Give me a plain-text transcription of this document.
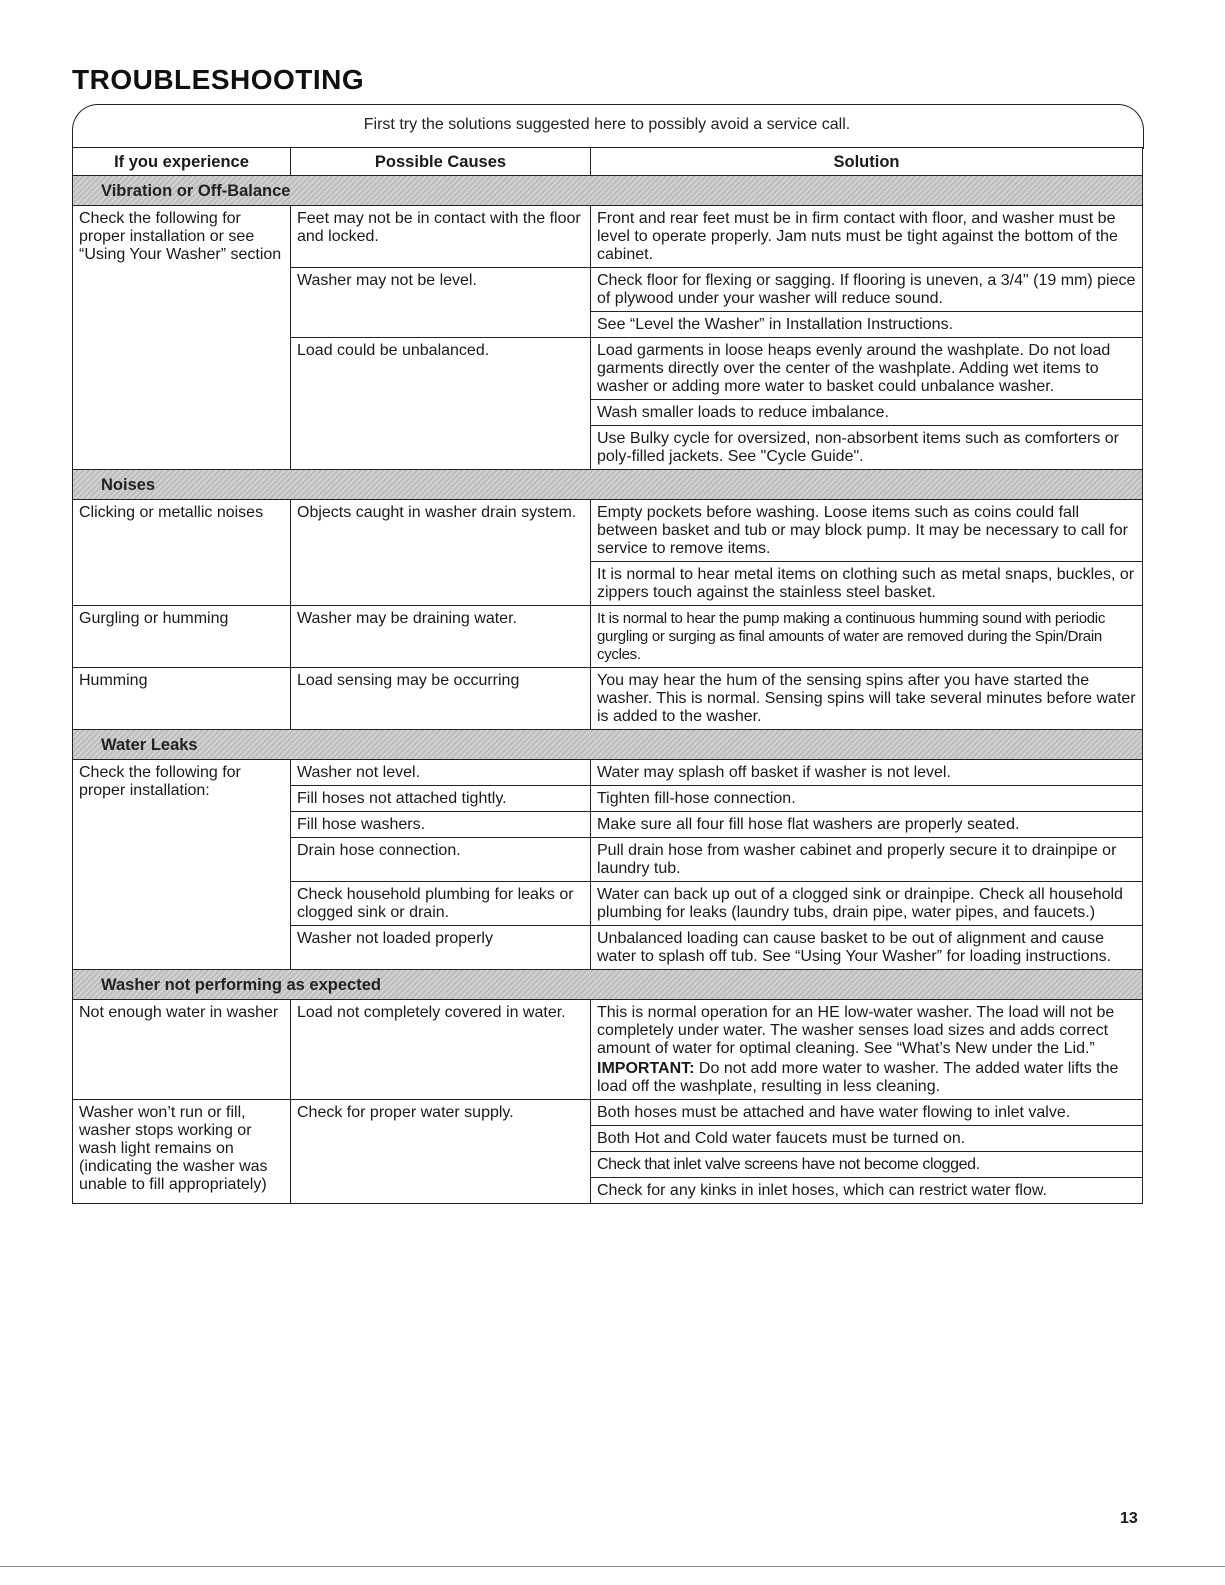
TROUBLESHOOTING
First try the solutions suggested here to possibly avoid a service call.
If you experience	Possible Causes	Solution
Vibration or Off-Balance		
Check the following for proper installation or see “Using Your Washer” section	Feet may not be in contact with the floor and locked.	Front and rear feet must be in firm contact with floor, and washer must be level to operate properly. Jam nuts must be tight against the bottom of the cabinet.
	Washer may not be level.	Check floor for flexing or sagging. If flooring is uneven, a 3/4" (19 mm) piece of plywood under your washer will reduce sound.
		See “Level the Washer” in Installation Instructions.
	Load could be unbalanced.	Load garments in loose heaps evenly around the washplate. Do not load garments directly over the center of the washplate. Adding wet items to washer or adding more water to basket could unbalance washer.
		Wash smaller loads to reduce imbalance.
		Use Bulky cycle for oversized, non-absorbent items such as comforters or poly-filled jackets. See "Cycle Guide".
Noises		
Clicking or metallic noises	Objects caught in washer drain system.	Empty pockets before washing. Loose items such as coins could fall between basket and tub or may block pump. It may be necessary to call for service to remove items.
		It is normal to hear metal items on clothing such as metal snaps, buckles, or zippers touch against the stainless steel basket.
Gurgling or humming	Washer may be draining water.	It is normal to hear the pump making a continuous humming sound with periodic gurgling or surging as final amounts of water are removed during the Spin/Drain cycles.
Humming	Load sensing may be occurring	You may hear the hum of the sensing spins after you have started the washer. This is normal. Sensing spins will take several minutes before water is added to the washer.
Water Leaks		
Check the following for proper installation:	Washer not level.	Water may splash off basket if washer is not level.
	Fill hoses not attached tightly.	Tighten fill-hose connection.
	Fill hose washers.	Make sure all four fill hose flat washers are properly seated.
	Drain hose connection.	Pull drain hose from washer cabinet and properly secure it to drainpipe or laundry tub.
	Check household plumbing for leaks or clogged sink or drain.	Water can back up out of a clogged sink or drainpipe. Check all household plumbing for leaks (laundry tubs, drain pipe, water pipes, and faucets.)
	Washer not loaded properly	Unbalanced loading can cause basket to be out of alignment and cause water to splash off tub. See “Using Your Washer” for loading instructions.
Washer not performing as expected		
Not enough water in washer	Load not completely covered in water.	This is normal operation for an HE low-water washer. The load will not be completely under water. The washer senses load sizes and adds correct amount of water for optimal cleaning. See “What’s New under the Lid.”
IMPORTANT: Do not add more water to washer. The added water lifts the load off the washplate, resulting in less cleaning.

Washer won’t run or fill, washer stops working or wash light remains on (indicating the washer was unable to fill appropriately)	Check for proper water supply.	Both hoses must be attached and have water flowing to inlet valve.
		Both Hot and Cold water faucets must be turned on.
		Check that inlet valve screens have not become clogged.
		Check for any kinks in inlet hoses, which can restrict water flow.
13
